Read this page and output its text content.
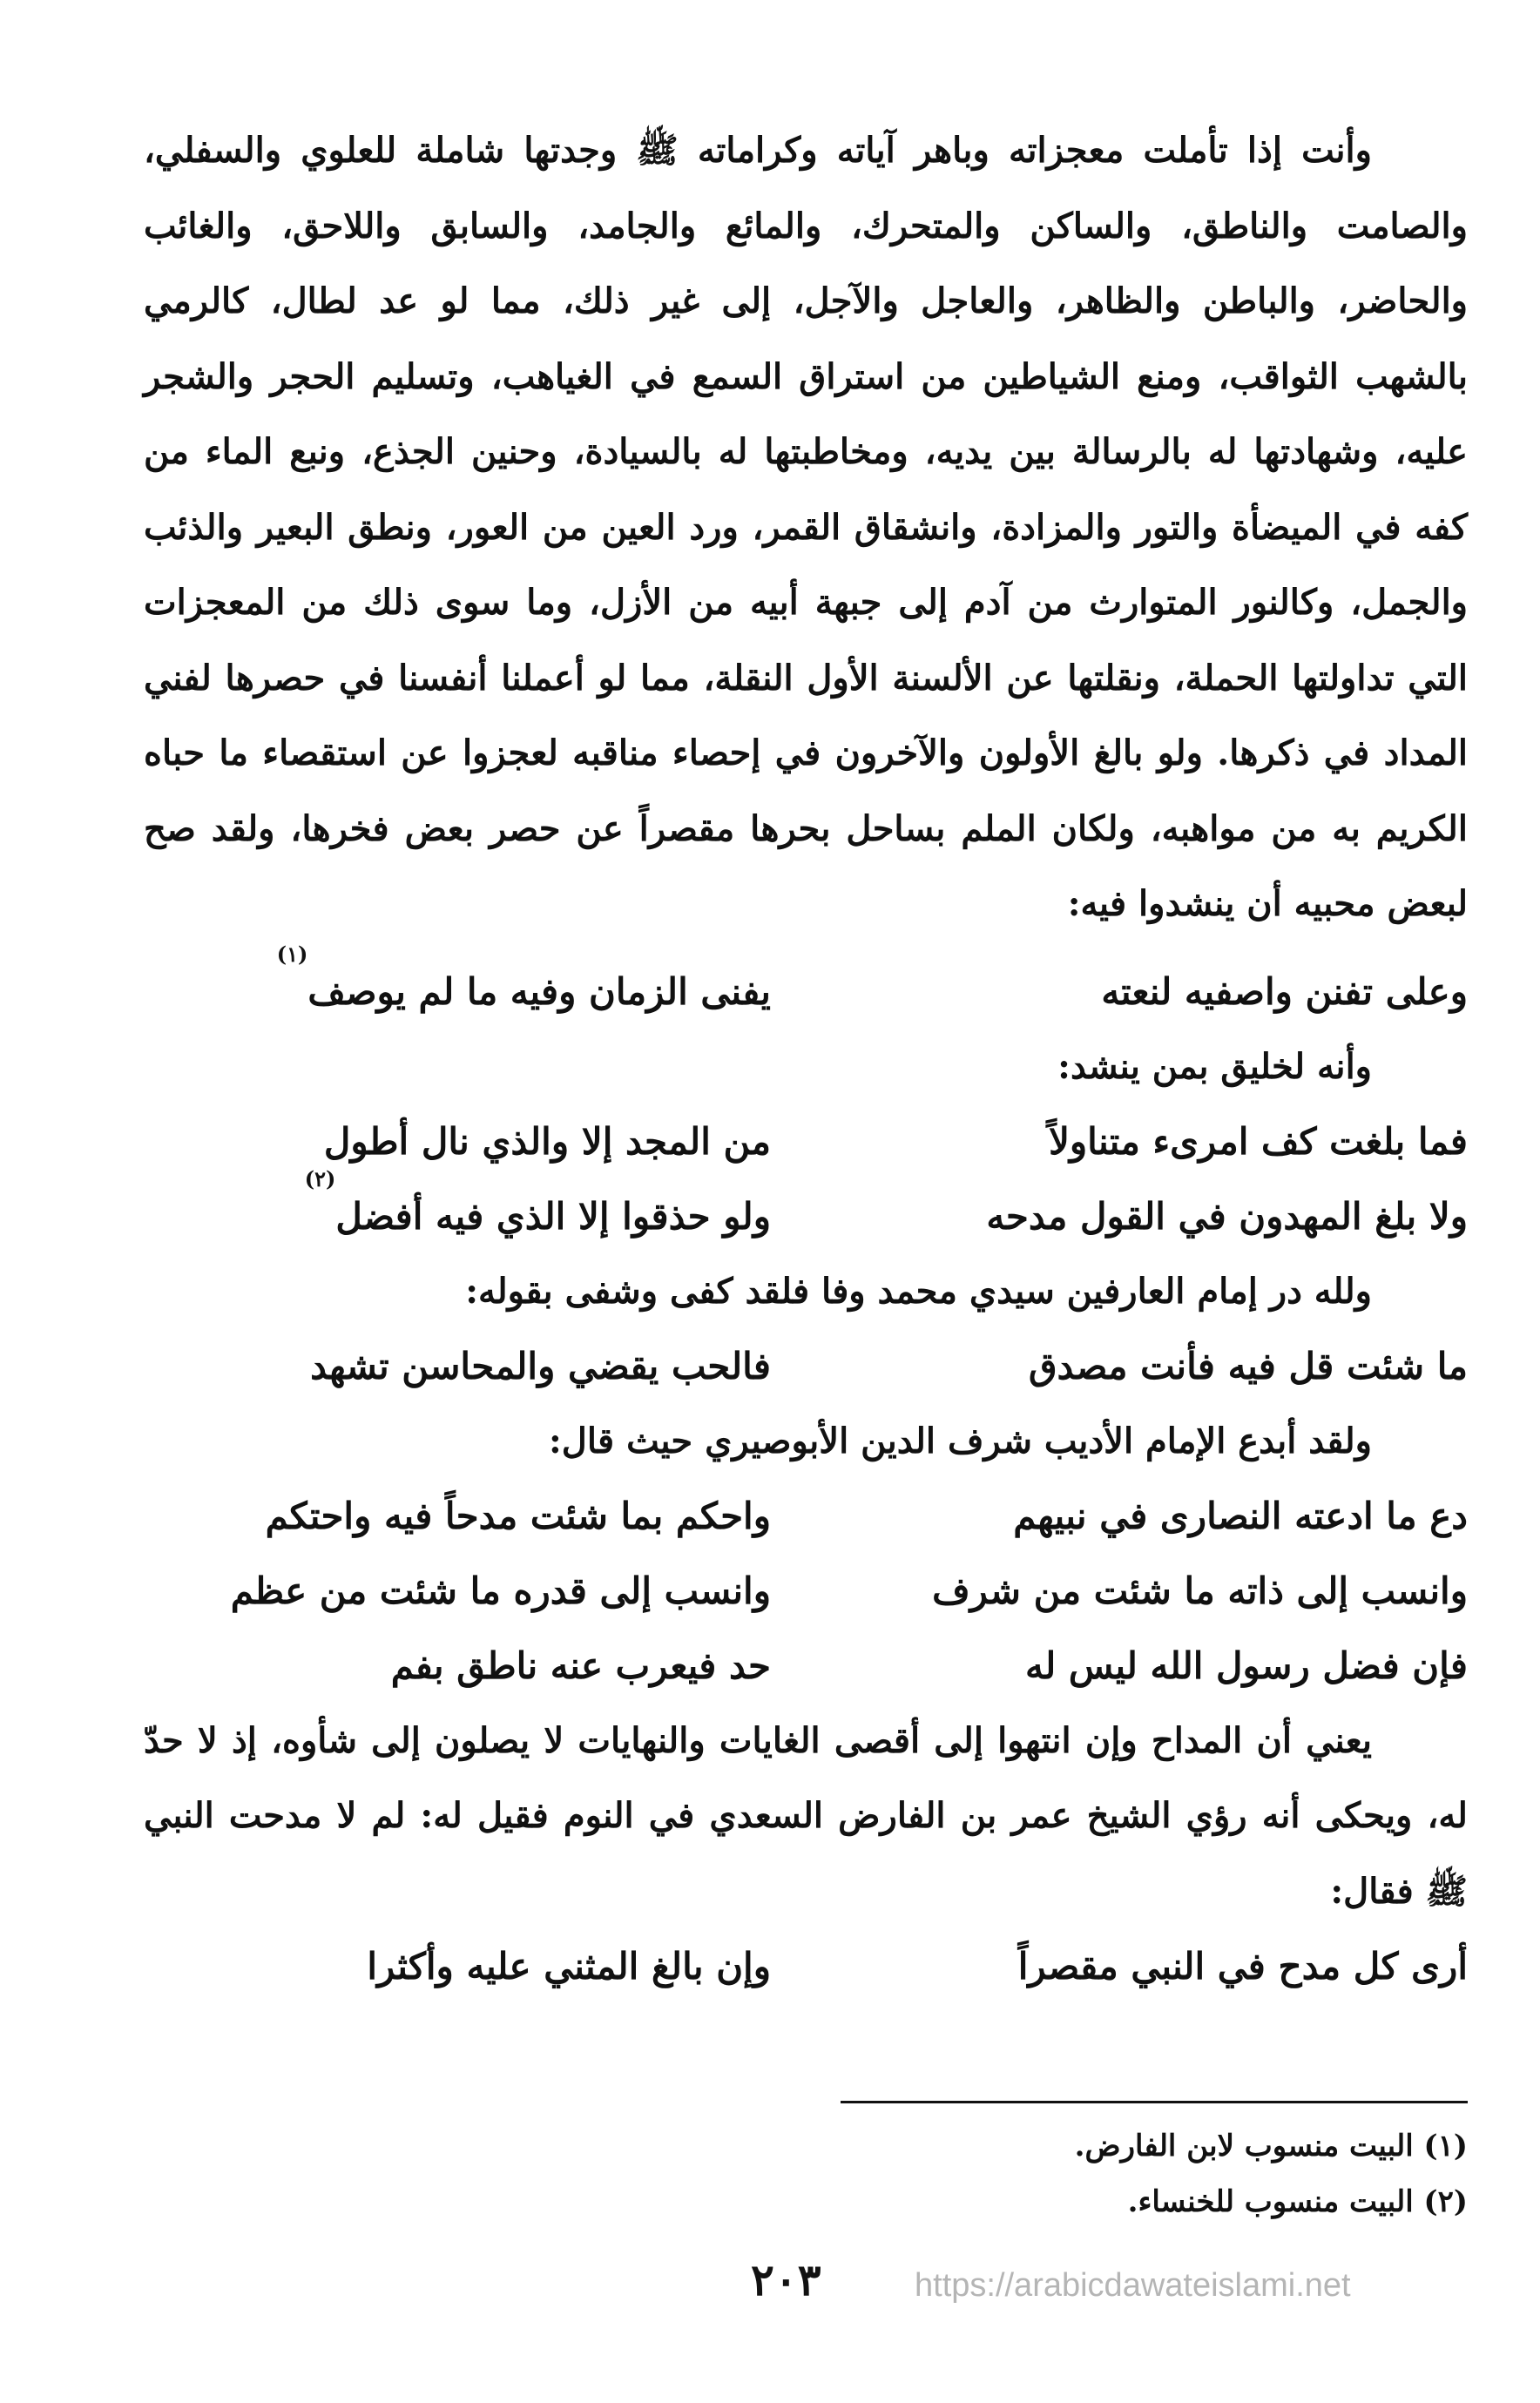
وأنت إذا تأملت معجزاته وباهر آياته وكراماته ﷺ وجدتها شاملة للعلوي والسفلي، والصامت والناطق، والساكن والمتحرك، والمائع والجامد، والسابق واللاحق، والغائب والحاضر، والباطن والظاهر، والعاجل والآجل، إلى غير ذلك، مما لو عد لطال، كالرمي بالشهب الثواقب، ومنع الشياطين من استراق السمع في الغياهب، وتسليم الحجر والشجر عليه، وشهادتها له بالرسالة بين يديه، ومخاطبتها له بالسيادة، وحنين الجذع، ونبع الماء من كفه في الميضأة والتور والمزادة، وانشقاق القمر، ورد العين من العور، ونطق البعير والذئب والجمل، وكالنور المتوارث من آدم إلى جبهة أبيه من الأزل، وما سوى ذلك من المعجزات التي تداولتها الحملة، ونقلتها عن الألسنة الأول النقلة، مما لو أعملنا أنفسنا في حصرها لفني المداد في ذكرها. ولو بالغ الأولون والآخرون في إحصاء مناقبه لعجزوا عن استقصاء ما حباه الكريم به من مواهبه، ولكان الملم بساحل بحرها مقصراً عن حصر بعض فخرها، ولقد صح لبعض محبيه أن ينشدوا فيه:

وعلى تفنن واصفيه لنعته
يفنى الزمان وفيه ما لم يوصف
(١)

وأنه لخليق بمن ينشد:

فما بلغت كف امرىء متناولاً
من المجد إلا والذي نال أطول
ولا بلغ المهدون في القول مدحه
ولو حذقوا إلا الذي فيه أفضل
(٢)

ولله در إمام العارفين سيدي محمد وفا فلقد كفى وشفى بقوله:

ما شئت قل فيه فأنت مصدق
فالحب يقضي والمحاسن تشهد

ولقد أبدع الإمام الأديب شرف الدين الأبوصيري حيث قال:

دع ما ادعته النصارى في نبيهم
واحكم بما شئت مدحاً فيه واحتكم
وانسب إلى ذاته ما شئت من شرف
وانسب إلى قدره ما شئت من عظم
فإن فضل رسول الله ليس له
حد فيعرب عنه ناطق بفم

يعني أن المداح وإن انتهوا إلى أقصى الغايات والنهايات لا يصلون إلى شأوه، إذ لا حدّ له، ويحكى أنه رؤي الشيخ عمر بن الفارض السعدي في النوم فقيل له: لم لا مدحت النبي ﷺ فقال:

أرى كل مدح في النبي مقصراً
وإن بالغ المثني عليه وأكثرا
(١) البيت منسوب لابن الفارض.
(٢) البيت منسوب للخنساء.
٢٠٣	https://arabicdawateislami.net
